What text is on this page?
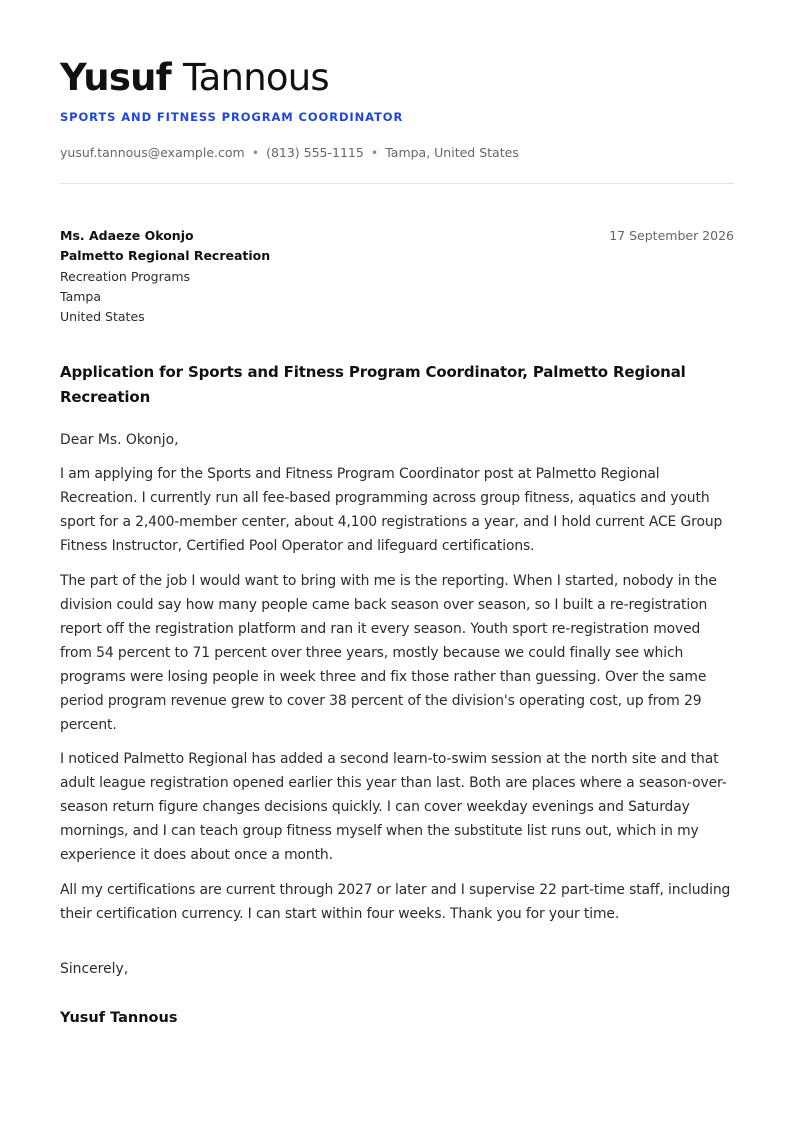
Yusuf Tannous
SPORTS AND FITNESS PROGRAM COORDINATOR
yusuf.tannous@example.com • (813) 555-1115 • Tampa, United States
17 September 2026
Ms. Adaeze Okonjo
Palmetto Regional Recreation
Recreation Programs
Tampa
United States
Application for Sports and Fitness Program Coordinator, Palmetto Regional Recreation
Dear Ms. Okonjo,
I am applying for the Sports and Fitness Program Coordinator post at Palmetto Regional Recreation. I currently run all fee-based programming across group fitness, aquatics and youth sport for a 2,400-member center, about 4,100 registrations a year, and I hold current ACE Group Fitness Instructor, Certified Pool Operator and lifeguard certifications.
The part of the job I would want to bring with me is the reporting. When I started, nobody in the division could say how many people came back season over season, so I built a re-registration report off the registration platform and ran it every season. Youth sport re-registration moved from 54 percent to 71 percent over three years, mostly because we could finally see which programs were losing people in week three and fix those rather than guessing. Over the same period program revenue grew to cover 38 percent of the division's operating cost, up from 29 percent.
I noticed Palmetto Regional has added a second learn-to-swim session at the north site and that adult league registration opened earlier this year than last. Both are places where a season-over-season return figure changes decisions quickly. I can cover weekday evenings and Saturday mornings, and I can teach group fitness myself when the substitute list runs out, which in my experience it does about once a month.
All my certifications are current through 2027 or later and I supervise 22 part-time staff, including their certification currency. I can start within four weeks. Thank you for your time.
Sincerely,
Yusuf Tannous
